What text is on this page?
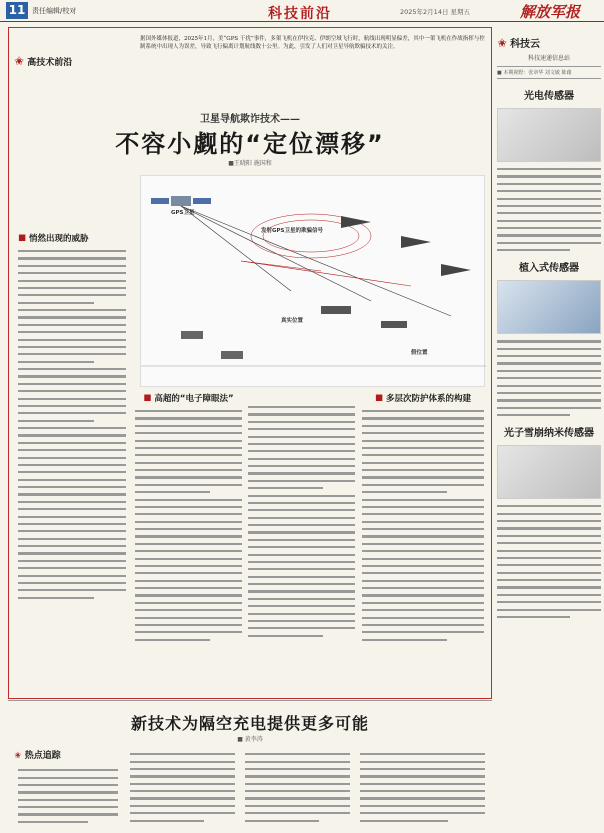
11 责任编辑/校对	科技前沿	2025年2月14日 星期五	解放军报
✬ 高技术前沿
据国外媒体报道，2025年1月，美“GPS 干扰”事件，多架飞机在伊拉克、伊朗空域飞行时，航线出现明显偏差，其中一架飞机在作战指挥与控制系统中出现人为误差，导致飞行偏离计划航线数十公里。为此，引发了人们对卫星导航欺骗技术的关注。
卫星导航欺诈技术——
不容小觑的“定位漂移”
■王晓阳 施国和
GPS卫星
发射GPS卫星的欺骗信号
真实位置
假位置
■ 悄然出现的威胁
■ 高超的“电子障眼法”	■ 多层次防护体系的构建
✬ 科技云
科技速递信息站
■ 本期视野：张章华 刘文敏 陈藉
光电传感器
植入式传感器
光子雪崩纳米传感器
新技术为隔空充电提供更多可能
■ 黄李涛
✬ 热点追踪
